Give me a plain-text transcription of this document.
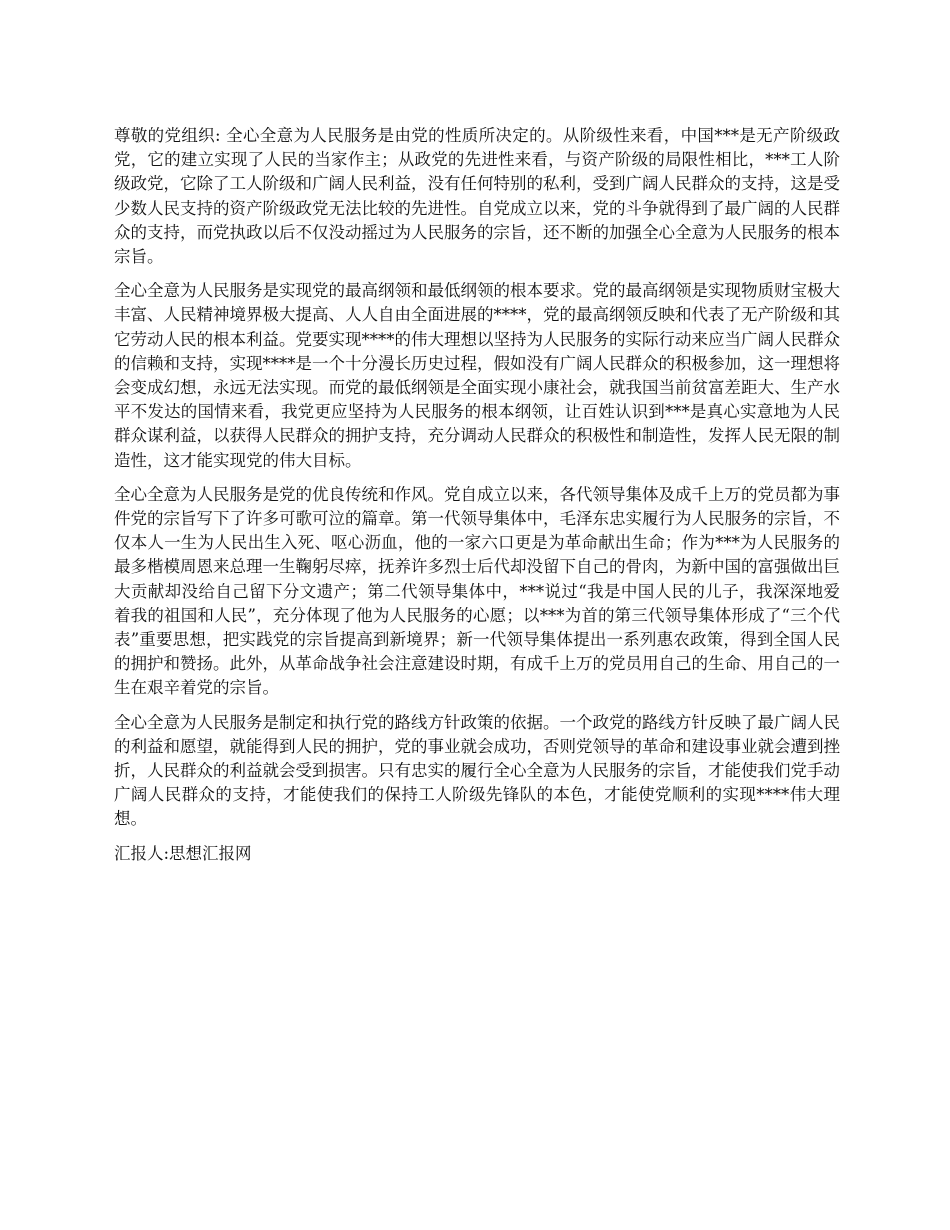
尊敬的党组织: 全心全意为人民服务是由党的性质所决定的。从阶级性来看，中国***是无产阶级政党，它的建立实现了人民的当家作主；从政党的先进性来看，与资产阶级的局限性相比，***工人阶级政党，它除了工人阶级和广阔人民利益，没有任何特别的私利，受到广阔人民群众的支持，这是受少数人民支持的资产阶级政党无法比较的先进性。自党成立以来，党的斗争就得到了最广阔的人民群众的支持，而党执政以后不仅没动摇过为人民服务的宗旨，还不断的加强全心全意为人民服务的根本宗旨。

全心全意为人民服务是实现党的最高纲领和最低纲领的根本要求。党的最高纲领是实现物质财宝极大丰富、人民精神境界极大提高、人人自由全面进展的****，党的最高纲领反映和代表了无产阶级和其它劳动人民的根本利益。党要实现****的伟大理想以坚持为人民服务的实际行动来应当广阔人民群众的信赖和支持，实现****是一个十分漫长历史过程，假如没有广阔人民群众的积极参加，这一理想将会变成幻想，永远无法实现。而党的最低纲领是全面实现小康社会，就我国当前贫富差距大、生产水平不发达的国情来看，我党更应坚持为人民服务的根本纲领，让百姓认识到***是真心实意地为人民群众谋利益，以获得人民群众的拥护支持，充分调动人民群众的积极性和制造性，发挥人民无限的制造性，这才能实现党的伟大目标。

全心全意为人民服务是党的优良传统和作风。党自成立以来，各代领导集体及成千上万的党员都为事件党的宗旨写下了许多可歌可泣的篇章。第一代领导集体中，毛泽东忠实履行为人民服务的宗旨，不仅本人一生为人民出生入死、呕心沥血，他的一家六口更是为革命献出生命；作为***为人民服务的最多楷模周恩来总理一生鞠躬尽瘁，抚养许多烈士后代却没留下自己的骨肉，为新中国的富强做出巨大贡献却没给自己留下分文遗产；第二代领导集体中，***说过“我是中国人民的儿子，我深深地爱着我的祖国和人民”，充分体现了他为人民服务的心愿；以***为首的第三代领导集体形成了“三个代表”重要思想，把实践党的宗旨提高到新境界；新一代领导集体提出一系列惠农政策，得到全国人民的拥护和赞扬。此外，从革命战争社会注意建设时期，有成千上万的党员用自己的生命、用自己的一生在艰辛着党的宗旨。

全心全意为人民服务是制定和执行党的路线方针政策的依据。一个政党的路线方针反映了最广阔人民的利益和愿望，就能得到人民的拥护，党的事业就会成功，否则党领导的革命和建设事业就会遭到挫折，人民群众的利益就会受到损害。只有忠实的履行全心全意为人民服务的宗旨，才能使我们党手动广阔人民群众的支持，才能使我们的保持工人阶级先锋队的本色，才能使党顺利的实现****伟大理想。

汇报人:思想汇报网
